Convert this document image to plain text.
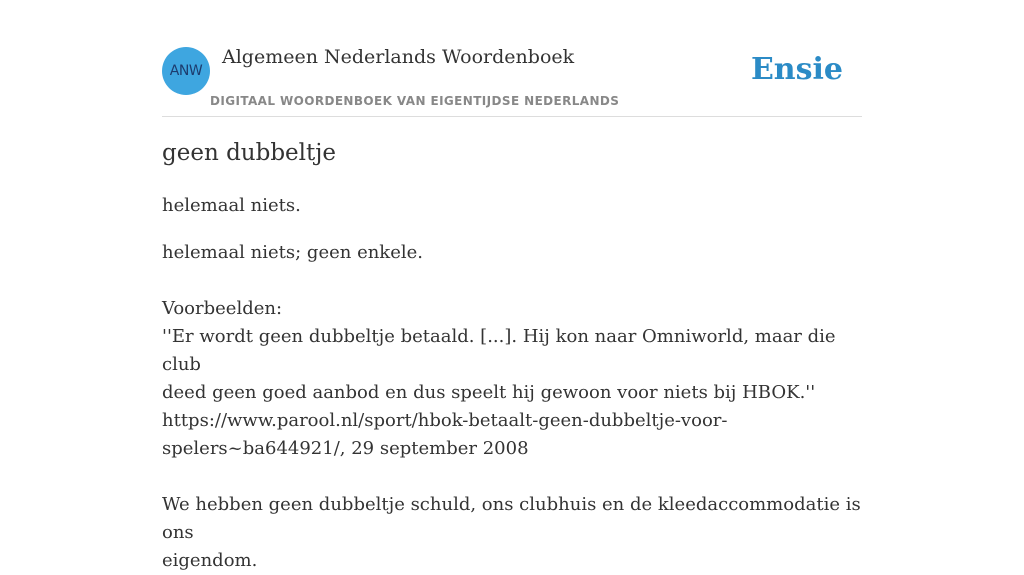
ANW
Algemeen Nederlands Woordenboek
DIGITAAL WOORDENBOEK VAN EIGENTIJDSE NEDERLANDS
Ensie
geen dubbeltje

helemaal niets.

helemaal niets; geen enkele.

Voorbeelden:

''Er wordt geen dubbeltje betaald. [...]. Hij kon naar Omniworld, maar die club

deed geen goed aanbod en dus speelt hij gewoon voor niets bij HBOK.''

https://www.parool.nl/sport/hbok-betaalt-geen-dubbeltje-voor-

spelers~ba644921/, 29 september 2008

We hebben geen dubbeltje schuld, ons clubhuis en de kleedaccommodatie is ons

eigendom.
